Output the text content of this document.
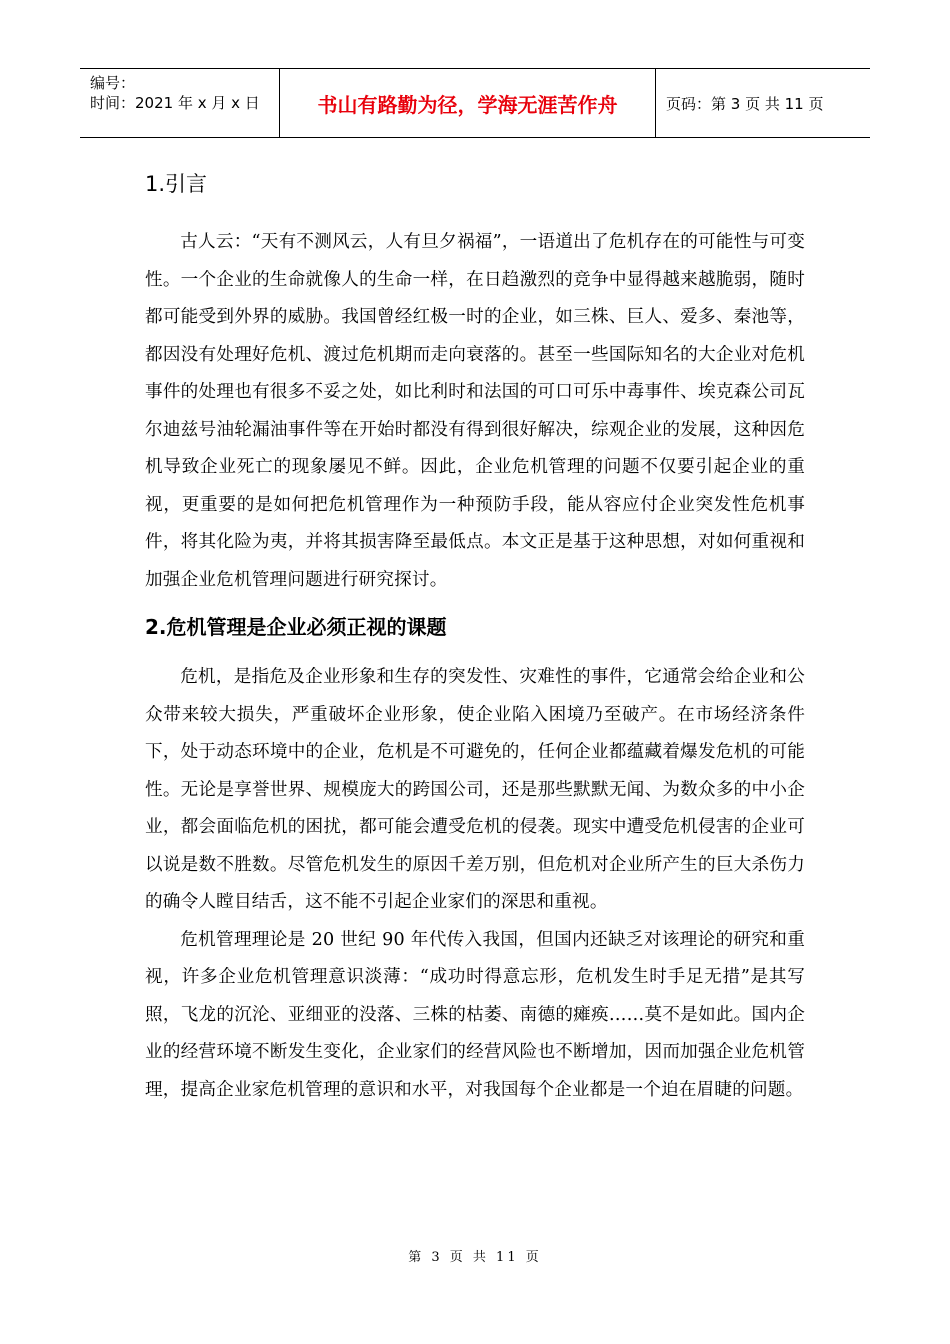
编号：
时间：2021 年 x 月 x 日	书山有路勤为径，学海无涯苦作舟	页码：第 3 页 共 11 页
1.引言

古人云：“天有不测风云，人有旦夕祸福”，一语道出了危机存在的可能性与可变性。一个企业的生命就像人的生命一样，在日趋激烈的竞争中显得越来越脆弱，随时都可能受到外界的威胁。我国曾经红极一时的企业，如三株、巨人、爱多、秦池等，都因没有处理好危机、渡过危机期而走向衰落的。甚至一些国际知名的大企业对危机事件的处理也有很多不妥之处，如比利时和法国的可口可乐中毒事件、埃克森公司瓦尔迪兹号油轮漏油事件等在开始时都没有得到很好解决，综观企业的发展，这种因危机导致企业死亡的现象屡见不鲜。因此，企业危机管理的问题不仅要引起企业的重视，更重要的是如何把危机管理作为一种预防手段，能从容应付企业突发性危机事件，将其化险为夷，并将其损害降至最低点。本文正是基于这种思想，对如何重视和加强企业危机管理问题进行研究探讨。

2.危机管理是企业必须正视的课题

危机，是指危及企业形象和生存的突发性、灾难性的事件，它通常会给企业和公众带来较大损失，严重破坏企业形象，使企业陷入困境乃至破产。在市场经济条件下，处于动态环境中的企业，危机是不可避免的，任何企业都蕴藏着爆发危机的可能性。无论是享誉世界、规模庞大的跨国公司，还是那些默默无闻、为数众多的中小企业，都会面临危机的困扰，都可能会遭受危机的侵袭。现实中遭受危机侵害的企业可以说是数不胜数。尽管危机发生的原因千差万别，但危机对企业所产生的巨大杀伤力的确令人瞠目结舌，这不能不引起企业家们的深思和重视。

危机管理理论是 20 世纪 90 年代传入我国，但国内还缺乏对该理论的研究和重视，许多企业危机管理意识淡薄：“成功时得意忘形，危机发生时手足无措”是其写照，飞龙的沉沦、亚细亚的没落、三株的枯萎、南德的瘫痪……莫不是如此。国内企业的经营环境不断发生变化，企业家们的经营风险也不断增加，因而加强企业危机管理，提高企业家危机管理的意识和水平，对我国每个企业都是一个迫在眉睫的问题。

第 3 页 共 11 页
